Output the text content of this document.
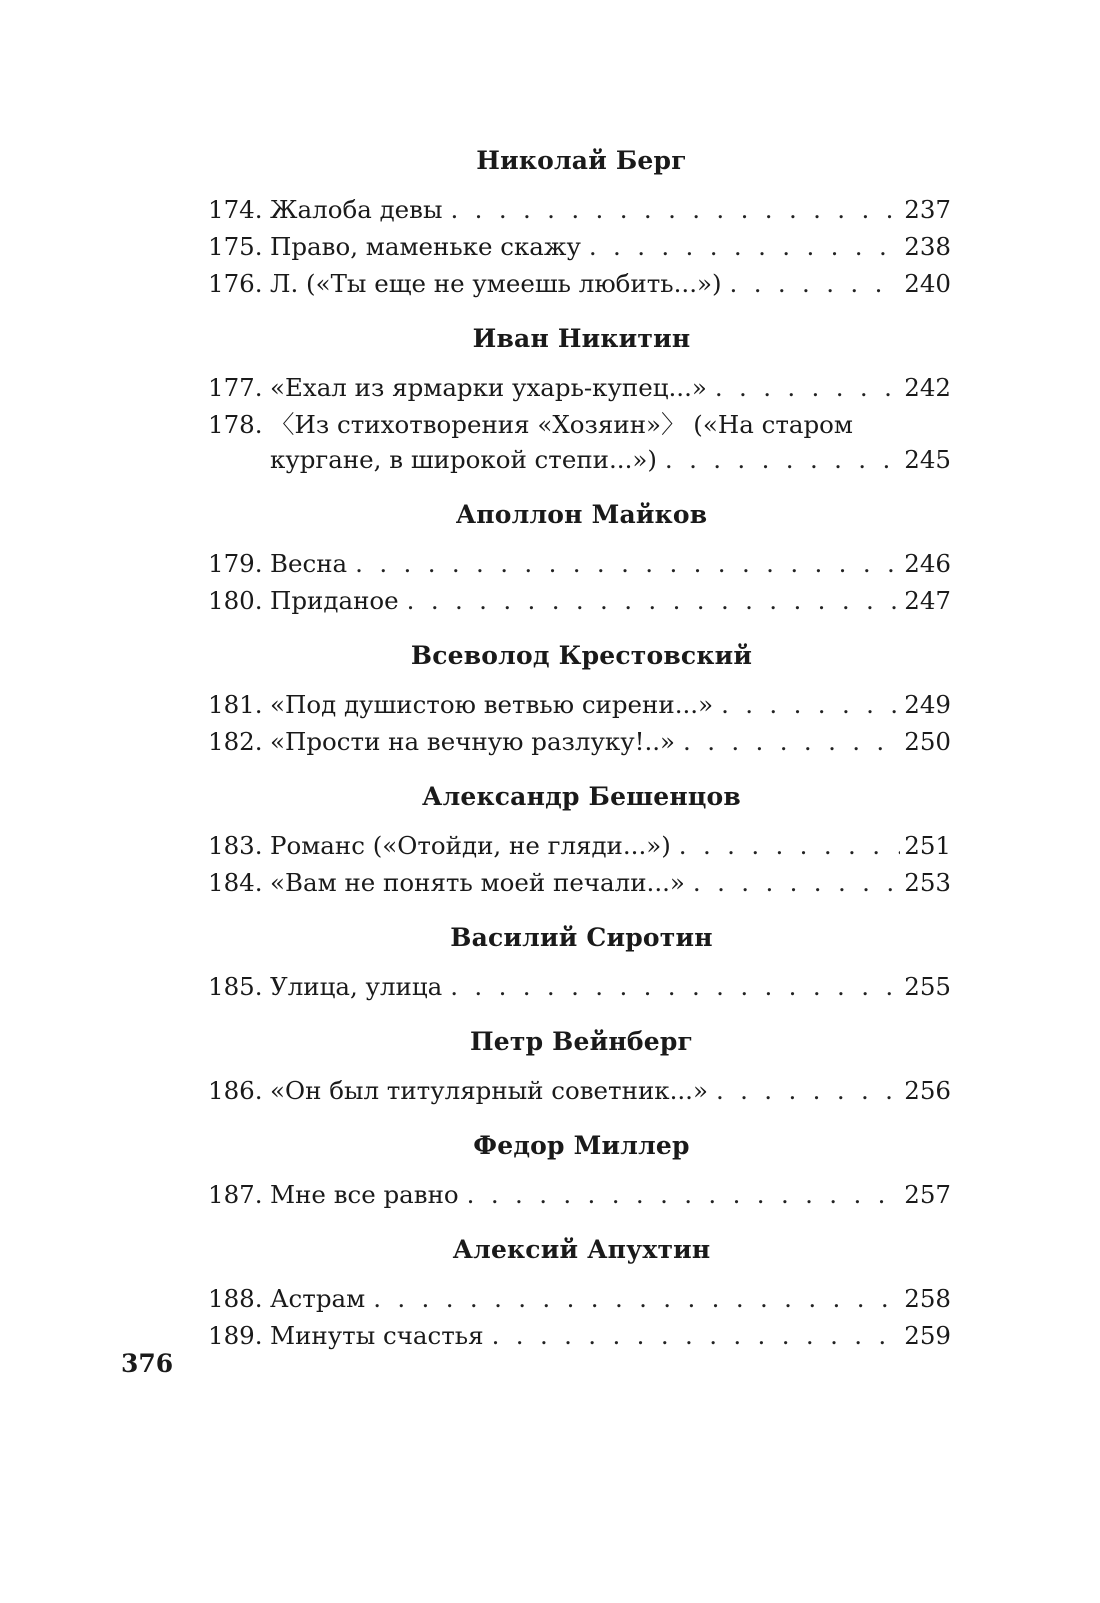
Николай Берг
174. Жалоба девы . . .	237
175. Право, маменьке скажу . . .	238
176. Л. («Ты еще не умеешь любить...») . . .	240
Иван Никитин
177. «Ехал из ярмарки ухарь-купец...» . . .	242
178. 〈Из стихотворения «Хозяин»〉 («На старом
кургане, в широкой степи...») . . .	245
Аполлон Майков
179. Весна . . .	246
180. Приданое . . .	247
Всеволод Крестовский
181. «Под душистою ветвью сирени...» . . .	249
182. «Прости на вечную разлуку!..» . . .	250
Александр Бешенцов
183. Романс («Отойди, не гляди...») . . .	251
184. «Вам не понять моей печали...» . . .	253
Василий Сиротин
185. Улица, улица . . .	255
Петр Вейнберг
186. «Он был титулярный советник...» . . .	256
Федор Миллер
187. Мне все равно . . .	257
Алексий Апухтин
188. Астрам . . .	258
189. Минуты счастья . . .	259
376
